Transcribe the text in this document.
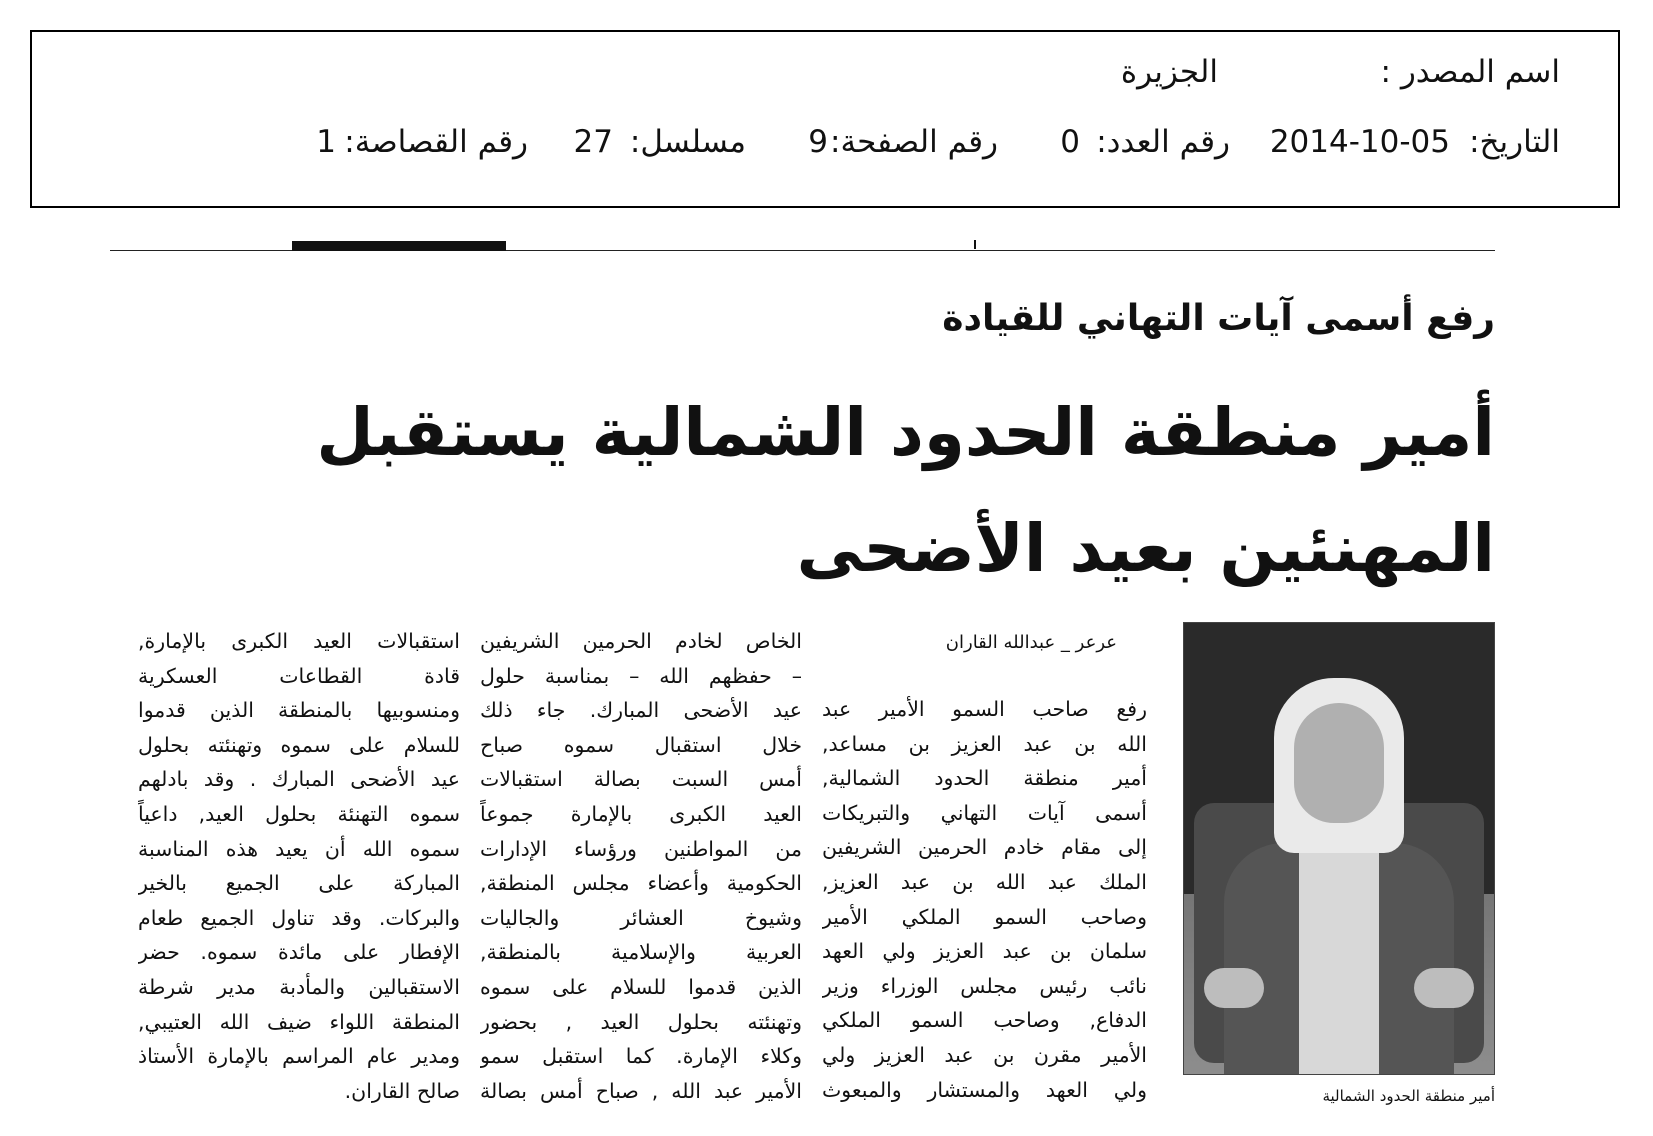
اسم المصدر :
الجزيرة
التاريخ:
2014-10-05
رقم العدد:
0
رقم الصفحة:
9
مسلسل:
27
رقم القصاصة:
1
رفع أسمى آيات التهاني للقيادة
أمير منطقة الحدود الشمالية يستقبل
المهنئين بعيد الأضحى
أمير منطقة الحدود الشمالية
عرعر _ عبدالله القاران
رفع صاحب السمو الأمير عبد
الله بن عبد العزيز بن مساعد,
أمير منطقة الحدود الشمالية,
أسمى آيات التهاني والتبريكات
إلى مقام خادم الحرمين الشريفين
الملك عبد الله بن عبد العزيز,
وصاحب السمو الملكي الأمير
سلمان بن عبد العزيز ولي العهد
نائب رئيس مجلس الوزراء وزير
الدفاع, وصاحب السمو الملكي
الأمير مقرن بن عبد العزيز ولي
ولي العهد والمستشار والمبعوث
الخاص لخادم الحرمين الشريفين
– حفظهم الله – بمناسبة حلول
عيد الأضحى المبارك. جاء ذلك
خلال استقبال سموه صباح
أمس السبت بصالة استقبالات
العيد الكبرى بالإمارة جموعاً
من المواطنين ورؤساء الإدارات
الحكومية وأعضاء مجلس المنطقة,
وشيوخ العشائر والجاليات
العربية والإسلامية بالمنطقة,
الذين قدموا للسلام على سموه
وتهنئته بحلول العيد , بحضور
وكلاء الإمارة. كما استقبل سمو
الأمير عبد الله , صباح أمس بصالة
استقبالات العيد الكبرى بالإمارة,
قادة القطاعات العسكرية
ومنسوبيها بالمنطقة الذين قدموا
للسلام على سموه وتهنئته بحلول
عيد الأضحى المبارك . وقد بادلهم
سموه التهنئة بحلول العيد, داعياً
سموه الله أن يعيد هذه المناسبة
المباركة على الجميع بالخير
والبركات. وقد تناول الجميع طعام
الإفطار على مائدة سموه. حضر
الاستقبالين والمأدبة مدير شرطة
المنطقة اللواء ضيف الله العتيبي,
ومدير عام المراسم بالإمارة الأستاذ
صالح القاران.
